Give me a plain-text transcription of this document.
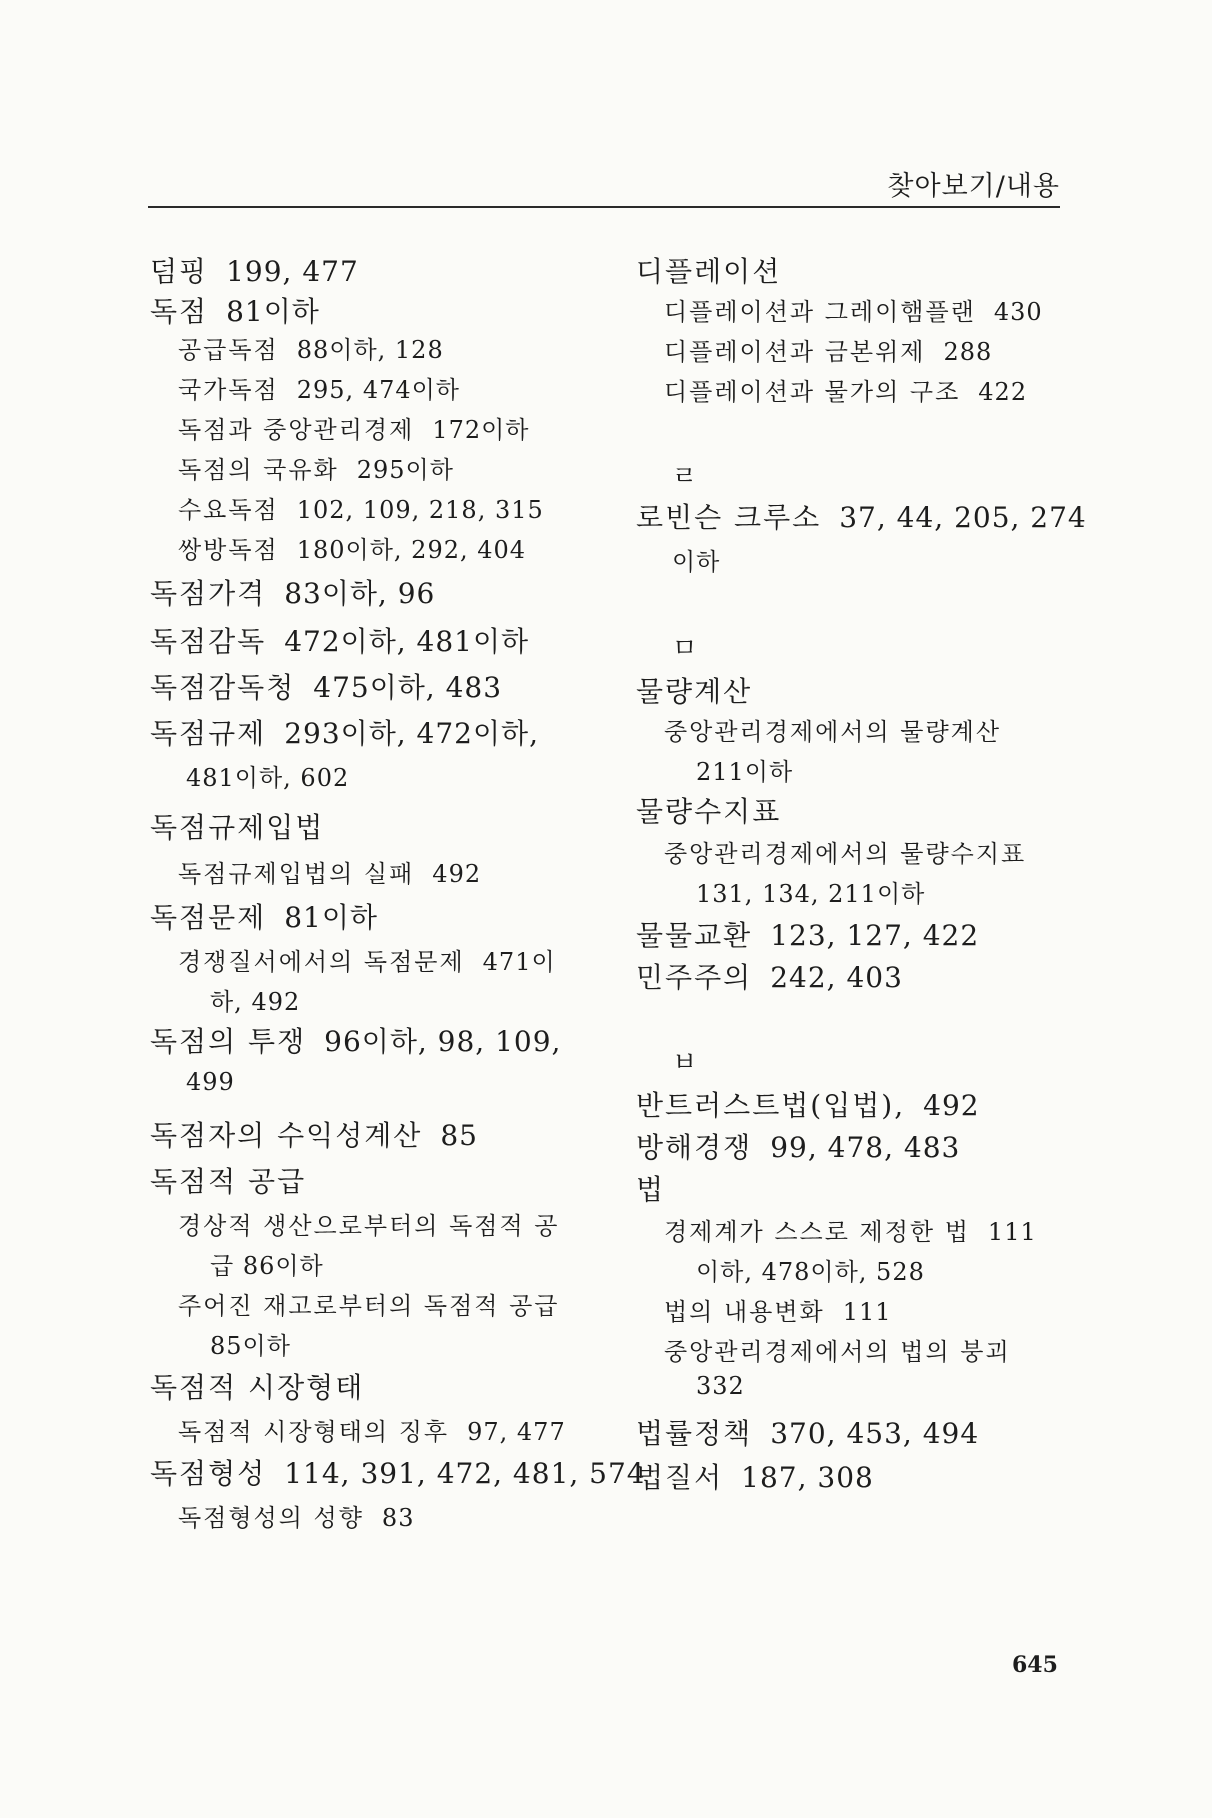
찾아보기/내용
덤핑 199, 477
독점 81이하
공급독점 88이하, 128
국가독점 295, 474이하
독점과 중앙관리경제 172이하
독점의 국유화 295이하
수요독점 102, 109, 218, 315
쌍방독점 180이하, 292, 404
독점가격 83이하, 96
독점감독 472이하, 481이하
독점감독청 475이하, 483
독점규제 293이하, 472이하,
481이하, 602
독점규제입법
독점규제입법의 실패 492
독점문제 81이하
경쟁질서에서의 독점문제 471이
하, 492
독점의 투쟁 96이하, 98, 109,
499
독점자의 수익성계산 85
독점적 공급
경상적 생산으로부터의 독점적 공
급 86이하
주어진 재고로부터의 독점적 공급
85이하
독점적 시장형태
독점적 시장형태의 징후 97, 477
독점형성 114, 391, 472, 481, 574
독점형성의 성향 83
디플레이션
디플레이션과 그레이햄플랜 430
디플레이션과 금본위제 288
디플레이션과 물가의 구조 422
ㄹ
로빈슨 크루소 37, 44, 205, 274
이하
ㅁ
물량계산
중앙관리경제에서의 물량계산
211이하
물량수지표
중앙관리경제에서의 물량수지표
131, 134, 211이하
물물교환 123, 127, 422
민주주의 242, 403
ㅂ
반트러스트법(입법), 492
방해경쟁 99, 478, 483
법
경제계가 스스로 제정한 법 111
이하, 478이하, 528
법의 내용변화 111
중앙관리경제에서의 법의 붕괴
332
법률정책 370, 453, 494
법질서 187, 308
645
